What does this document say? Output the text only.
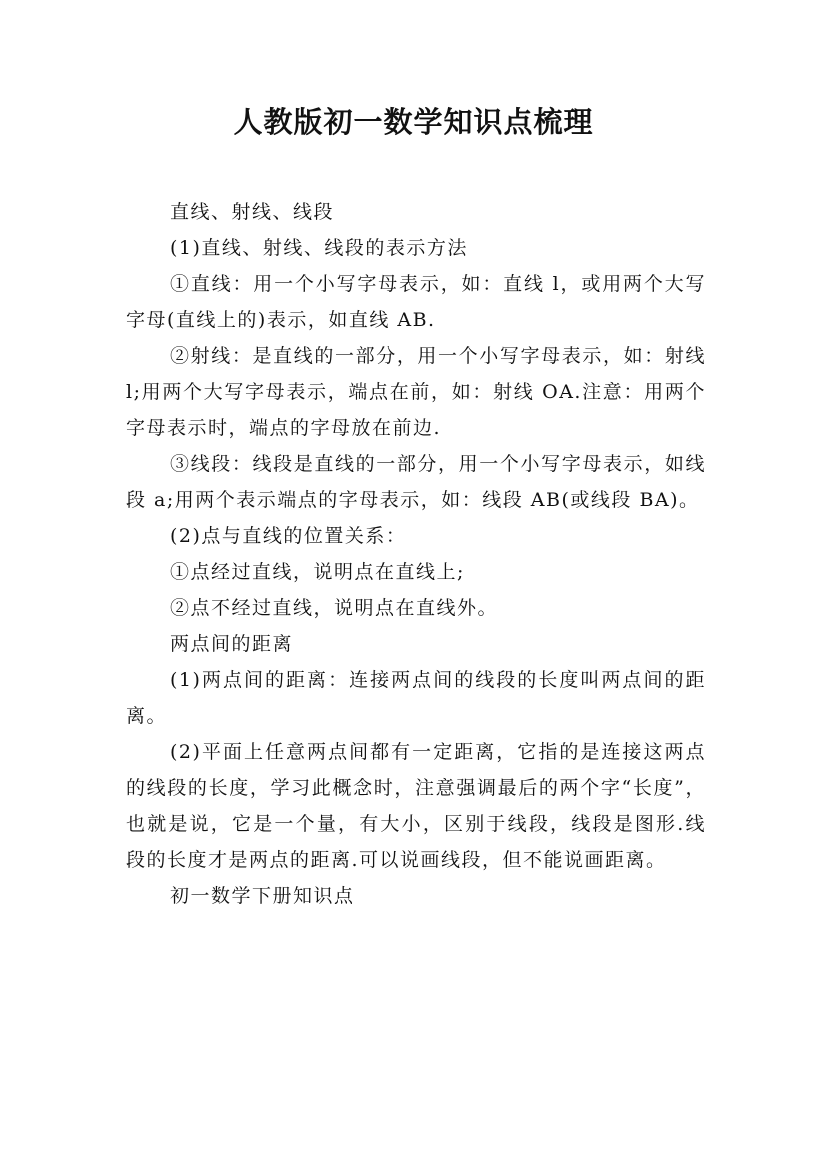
人教版初一数学知识点梳理

直线、射线、线段

(1)直线、射线、线段的表示方法

①直线：用一个小写字母表示，如：直线 l，或用两个大写字母(直线上的)表示，如直线 AB.

②射线：是直线的一部分，用一个小写字母表示，如：射线 l;用两个大写字母表示，端点在前，如：射线 OA.注意：用两个字母表示时，端点的字母放在前边.

③线段：线段是直线的一部分，用一个小写字母表示，如线段 a;用两个表示端点的字母表示，如：线段 AB(或线段 BA)。

(2)点与直线的位置关系：

①点经过直线，说明点在直线上;

②点不经过直线，说明点在直线外。

两点间的距离

(1)两点间的距离：连接两点间的线段的长度叫两点间的距离。

(2)平面上任意两点间都有一定距离，它指的是连接这两点的线段的长度，学习此概念时，注意强调最后的两个字“长度”，也就是说，它是一个量，有大小，区别于线段，线段是图形.线段的长度才是两点的距离.可以说画线段，但不能说画距离。

初一数学下册知识点
